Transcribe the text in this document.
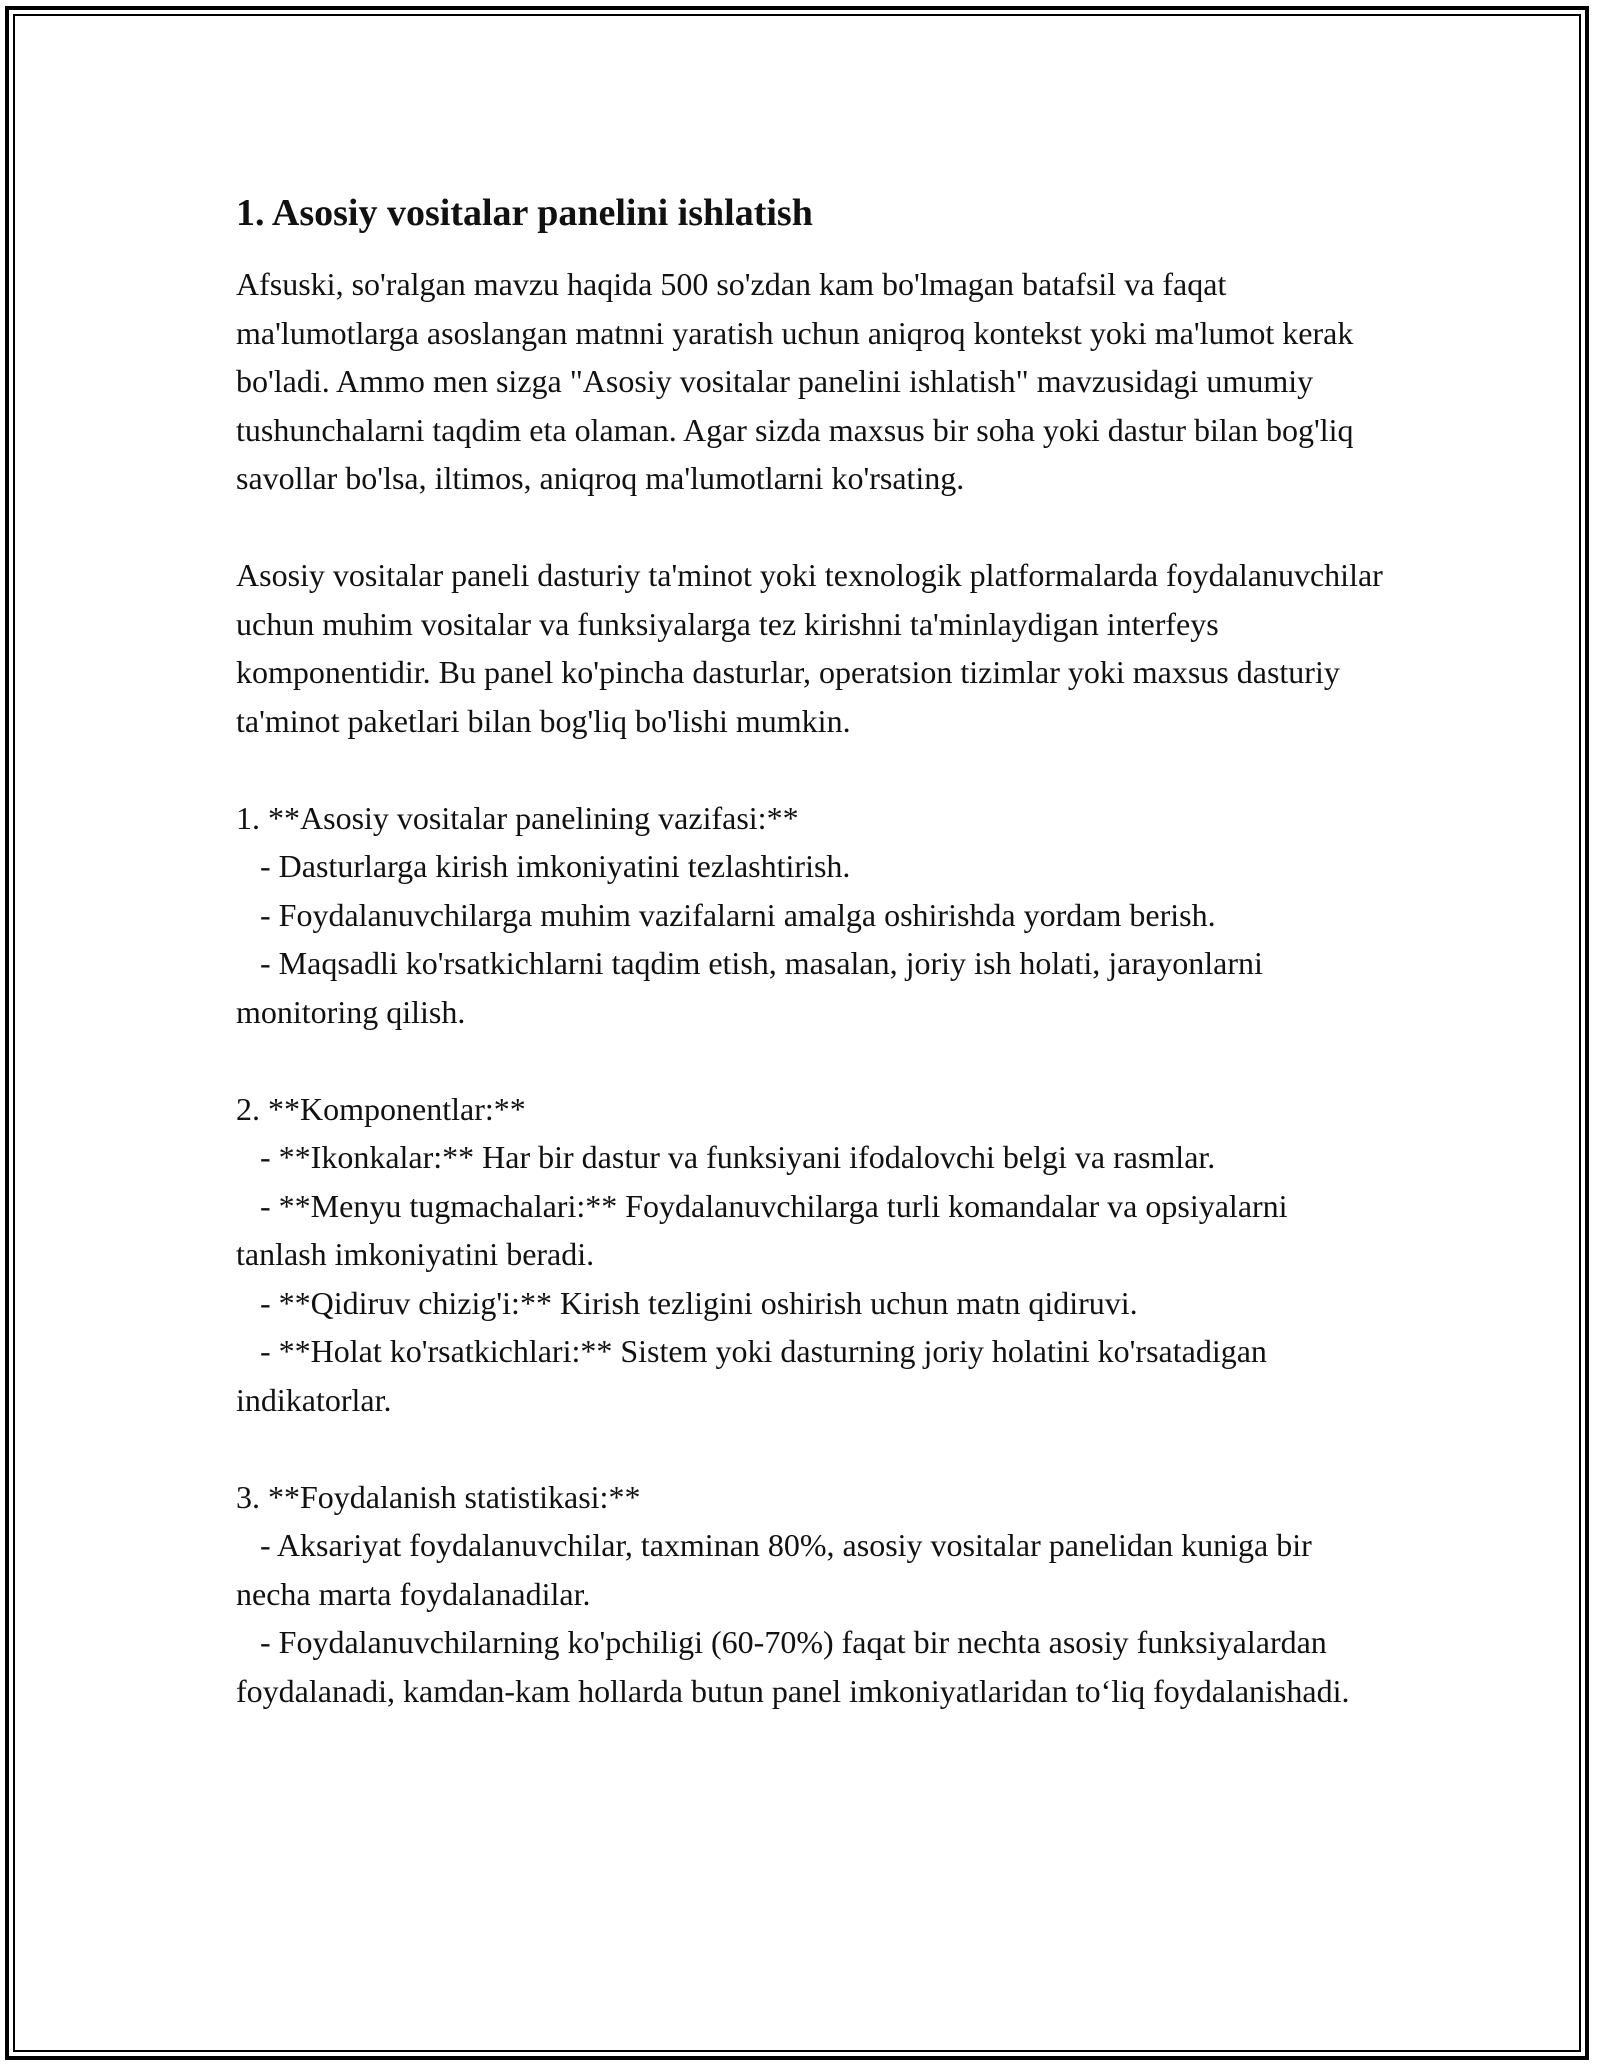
1. Asosiy vositalar panelini ishlatish

Afsuski, so'ralgan mavzu haqida 500 so'zdan kam bo'lmagan batafsil va faqat ma'lumotlarga asoslangan matnni yaratish uchun aniqroq kontekst yoki ma'lumot kerak bo'ladi. Ammo men sizga "Asosiy vositalar panelini ishlatish" mavzusidagi umumiy tushunchalarni taqdim eta olaman. Agar sizda maxsus bir soha yoki dastur bilan bog'liq savollar bo'lsa, iltimos, aniqroq ma'lumotlarni ko'rsating.

Asosiy vositalar paneli dasturiy ta'minot yoki texnologik platformalarda foydalanuvchilar uchun muhim vositalar va funksiyalarga tez kirishni ta'minlaydigan interfeys komponentidir. Bu panel ko'pincha dasturlar, operatsion tizimlar yoki maxsus dasturiy ta'minot paketlari bilan bog'liq bo'lishi mumkin.

1. **Asosiy vositalar panelining vazifasi:**
- Dasturlarga kirish imkoniyatini tezlashtirish.
- Foydalanuvchilarga muhim vazifalarni amalga oshirishda yordam berish.
- Maqsadli ko'rsatkichlarni taqdim etish, masalan, joriy ish holati, jarayonlarni monitoring qilish.

2. **Komponentlar:**
- **Ikonkalar:** Har bir dastur va funksiyani ifodalovchi belgi va rasmlar.
- **Menyu tugmachalari:** Foydalanuvchilarga turli komandalar va opsiyalarni tanlash imkoniyatini beradi.
- **Qidiruv chizig'i:** Kirish tezligini oshirish uchun matn qidiruvi.
- **Holat ko'rsatkichlari:** Sistem yoki dasturning joriy holatini ko'rsatadigan indikatorlar.

3. **Foydalanish statistikasi:**
- Aksariyat foydalanuvchilar, taxminan 80%, asosiy vositalar panelidan kuniga bir necha marta foydalanadilar.
- Foydalanuvchilarning ko'pchiligi (60-70%) faqat bir nechta asosiy funksiyalardan foydalanadi, kamdan-kam hollarda butun panel imkoniyatlaridan to‘liq foydalanishadi.
